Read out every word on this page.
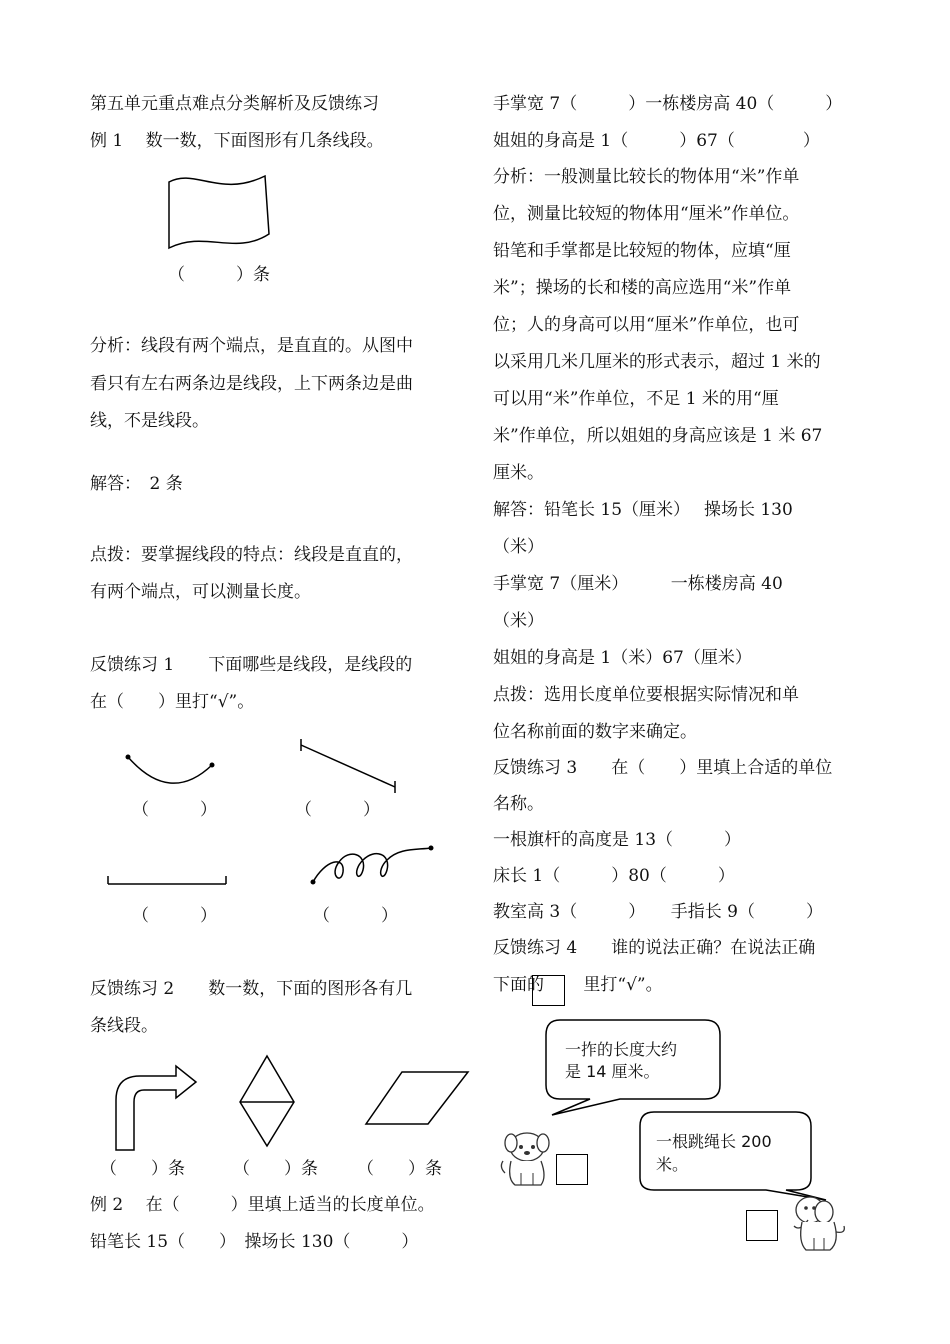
第五单元重点难点分类解析及反馈练习
例 1　 数一数，下面图形有几条线段。
（　　　）条
分析：线段有两个端点，是直直的。从图中
看只有左右两条边是线段，上下两条边是曲
线，不是线段。
解答：　2 条
点拨：要掌握线段的特点：线段是直直的，
有两个端点，可以测量长度。
反馈练习 1　　下面哪些是线段，是线段的
在（　　）里打“√”。
（　　　）	（　　　）
（　　　）	（　　　）
反馈练习 2　　数一数，下面的图形各有几
条线段。
（　　）条	（　　）条 （　　）条
例 2　 在（　　　）里填上适当的长度单位。
铅笔长 15（　　）　操场长 130（　　　）
手掌宽 7（　　　）一栋楼房高 40（　　　）
姐姐的身高是 1（　　　）67（　　　　）
分析：一般测量比较长的物体用“米”作单
位，测量比较短的物体用“厘米”作单位。
铅笔和手掌都是比较短的物体，应填“厘
米”；操场的长和楼的高应选用“米”作单
位；人的身高可以用“厘米”作单位，也可
以采用几米几厘米的形式表示，超过 1 米的
可以用“米”作单位，不足 1 米的用“厘
米”作单位，所以姐姐的身高应该是 1 米 67
厘米。
解答：铅笔长 15（厘米）　 操场长 130
（米）
手掌宽 7（厘米）　　　一栋楼房高 40
（米）
姐姐的身高是 1（米）67（厘米）
点拨：选用长度单位要根据实际情况和单
位名称前面的数字来确定。
反馈练习 3　　在（　　）里填上合适的单位
名称。
一根旗杆的高度是 13（　　　）
床长 1（　　　）80（　　　）
教室高 3（　　　）　　手指长 9（　　　）
反馈练习 4　　谁的说法正确？在说法正确
下面的　　 里打“√”。
一拃的长度大约
是 14 厘米。
一根跳绳长 200
米。
